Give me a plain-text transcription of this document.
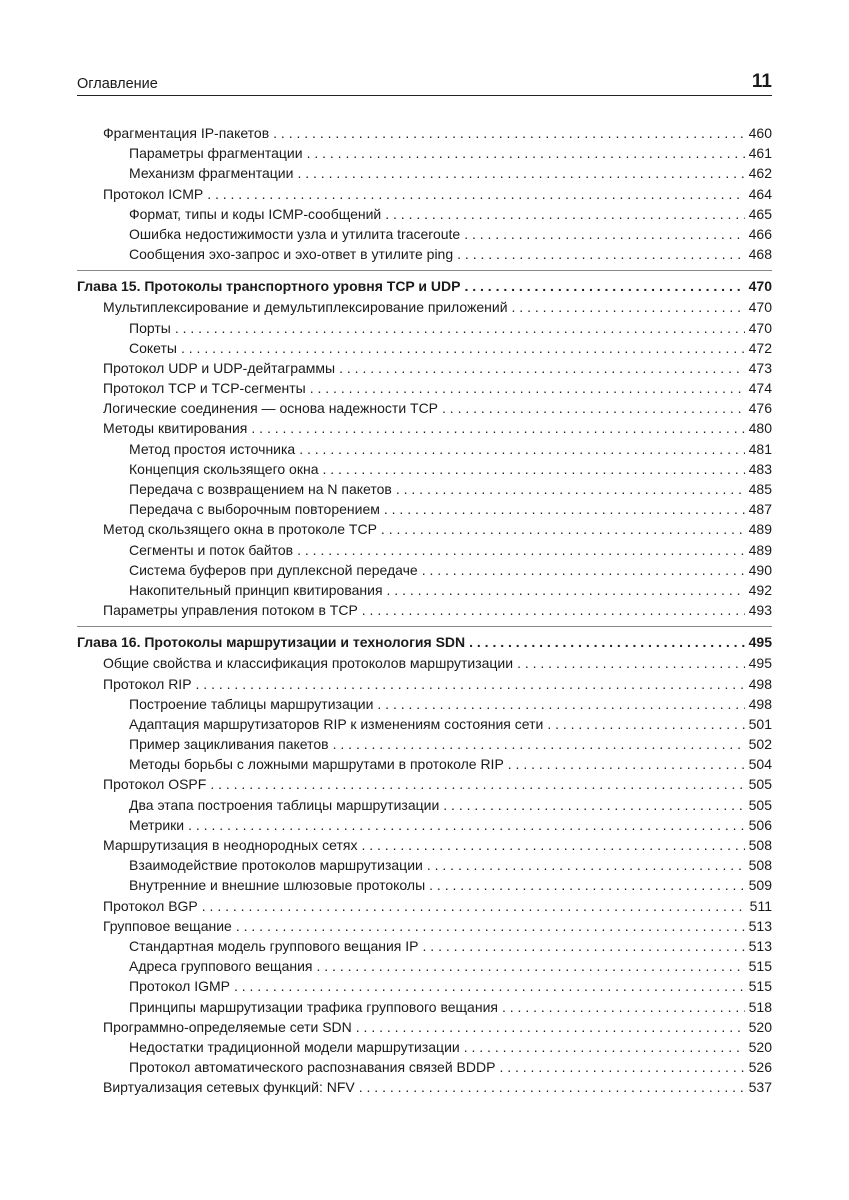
Оглавление	11
Фрагментация IP-пакетов . . .	460
Параметры фрагментации . . .	461
Механизм фрагментации . . .	462
Протокол ICMP . . .	464
Формат, типы и коды ICMP-сообщений . . .	465
Ошибка недостижимости узла и утилита traceroute . . .	466
Сообщения эхо-запрос и эхо-ответ в утилите ping . . .	468
Глава 15. Протоколы транспортного уровня TCP и UDP . . .	470
Мультиплексирование и демультиплексирование приложений . . .	470
Порты . . .	470
Сокеты . . .	472
Протокол UDP и UDP-дейтаграммы . . .	473
Протокол TCP и TCP-сегменты . . .	474
Логические соединения — основа надежности TCP . . .	476
Методы квитирования . . .	480
Метод простоя источника . . .	481
Концепция скользящего окна . . .	483
Передача с возвращением на N пакетов . . .	485
Передача с выборочным повторением . . .	487
Метод скользящего окна в протоколе TCP . . .	489
Сегменты и поток байтов . . .	489
Система буферов при дуплексной передаче . . .	490
Накопительный принцип квитирования . . .	492
Параметры управления потоком в TCP . . .	493
Глава 16. Протоколы маршрутизации и технология SDN . . .	495
Общие свойства и классификация протоколов маршрутизации . . .	495
Протокол RIP . . .	498
Построение таблицы маршрутизации . . .	498
Адаптация маршрутизаторов RIP к изменениям состояния сети . . .	501
Пример зацикливания пакетов . . .	502
Методы борьбы с ложными маршрутами в протоколе RIP . . .	504
Протокол OSPF . . .	505
Два этапа построения таблицы маршрутизации . . .	505
Метрики . . .	506
Маршрутизация в неоднородных сетях . . .	508
Взаимодействие протоколов маршрутизации . . .	508
Внутренние и внешние шлюзовые протоколы . . .	509
Протокол BGP . . .	511
Групповое вещание . . .	513
Стандартная модель группового вещания IP . . .	513
Адреса группового вещания . . .	515
Протокол IGMP . . .	515
Принципы маршрутизации трафика группового вещания . . .	518
Программно-определяемые сети SDN . . .	520
Недостатки традиционной модели маршрутизации . . .	520
Протокол автоматического распознавания связей BDDP . . .	526
Виртуализация сетевых функций: NFV . . .	537
